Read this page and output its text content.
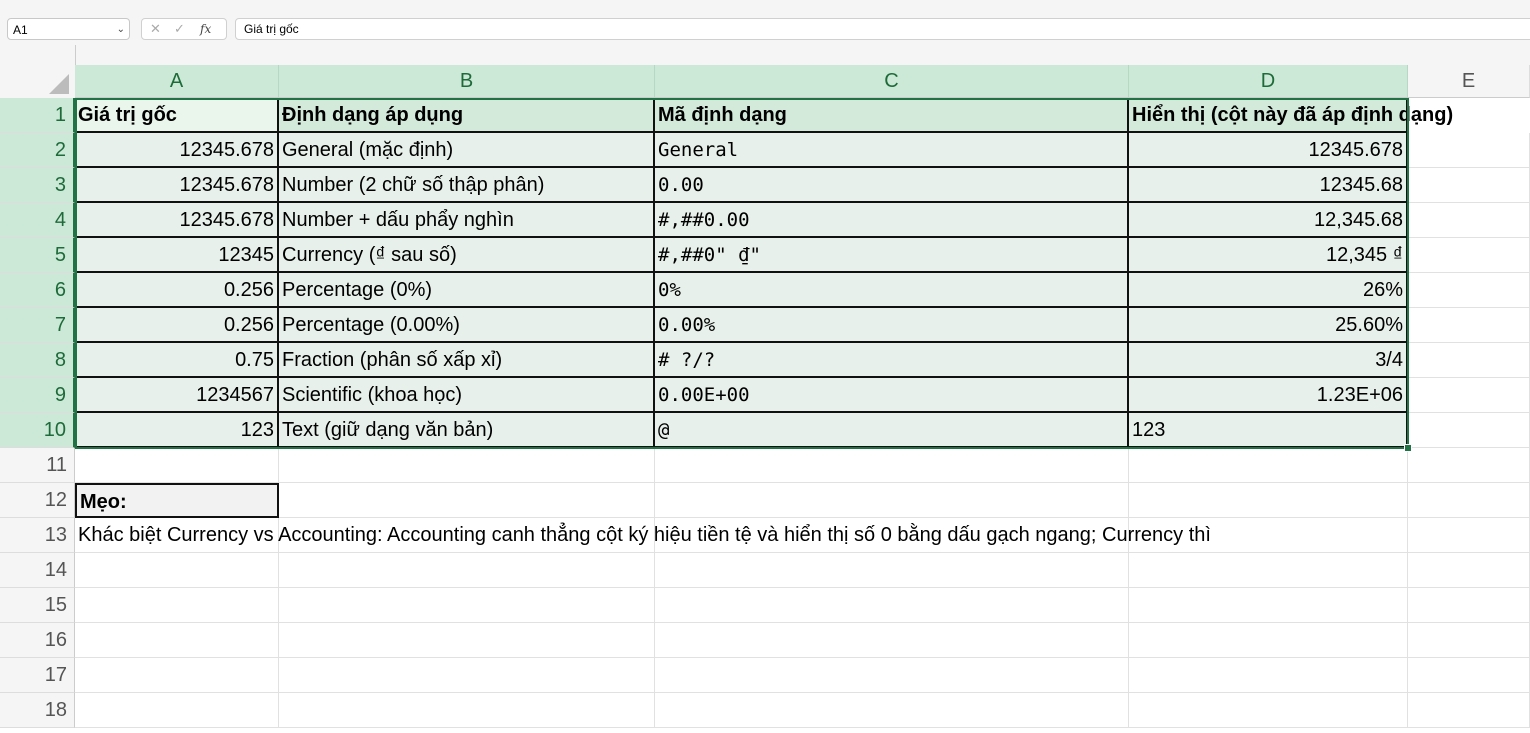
A1	⌄ ✕ ✓ fx	Giá trị gốc
A	B	C	D	E
1 Giá trị gốc	Định dạng áp dụng	Mã định dạng	Hiển thị (cột này đã áp định dạng)
2	12345.678 General (mặc định)	General	12345.678
3	12345.678 Number (2 chữ số thập phân)	0.00	12345.68
4	12345.678 Number + dấu phẩy nghìn	#,##0.00	12,345.68
5	12345 Currency (₫ sau số)	#,##0" ₫"	12,345 ₫
6	0.256 Percentage (0%)	0%	26%
7	0.256 Percentage (0.00%)	0.00%	25.60%
8	0.75 Fraction (phân số xấp xỉ)	# ?/?	3/4
9	1234567 Scientific (khoa học)	0.00E+00	1.23E+06
10	123 Text (giữ dạng văn bản)	@	123
11
12 Mẹo:
13 Khác biệt Currency vs Accounting: Accounting canh thẳng cột ký hiệu tiền tệ và hiển thị số 0 bằng dấu gạch ngang; Currency thì
14
15
16
17
18
